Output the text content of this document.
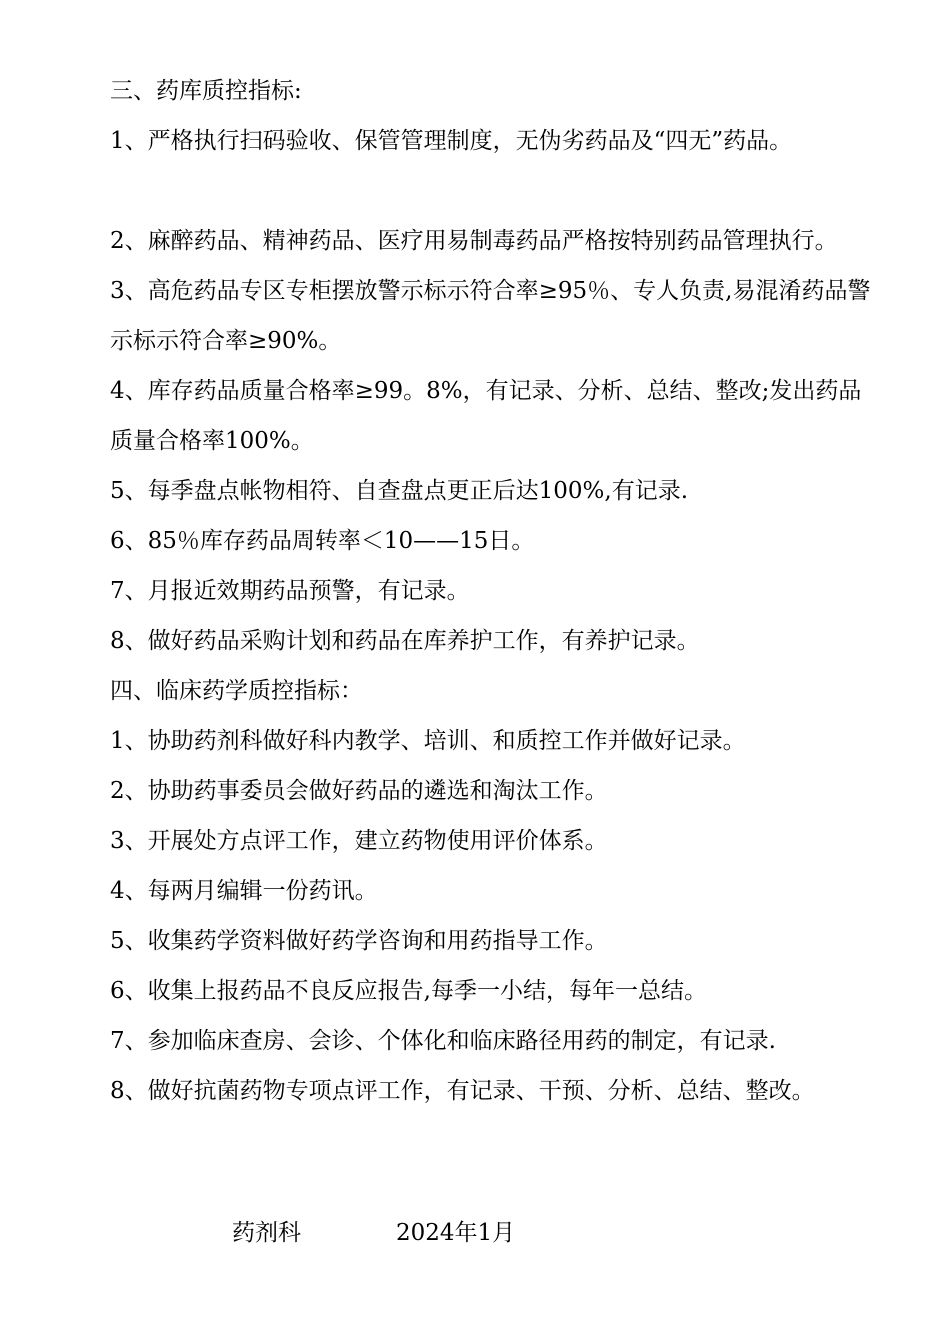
三、药库质控指标:
1、严格执行扫码验收、保管管理制度，无伪劣药品及“四无”药品。
2、麻醉药品、精神药品、医疗用易制毒药品严格按特别药品管理执行。
3、高危药品专区专柜摆放警示标示符合率≥95％、专人负责,易混淆药品警示标示符合率≥90%。
4、库存药品质量合格率≥99。8%，有记录、分析、总结、整改;发出药品质量合格率100%。
5、每季盘点帐物相符、自查盘点更正后达100%,有记录.
6、85％库存药品周转率＜10——15日。
7、月报近效期药品预警，有记录。
8、做好药品采购计划和药品在库养护工作，有养护记录。
四、临床药学质控指标：
1、协助药剂科做好科内教学、培训、和质控工作并做好记录。
2、协助药事委员会做好药品的遴选和淘汰工作。
3、开展处方点评工作，建立药物使用评价体系。
4、每两月编辑一份药讯。
5、收集药学资料做好药学咨询和用药指导工作。
6、收集上报药品不良反应报告,每季一小结，每年一总结。
7、参加临床查房、会诊、个体化和临床路径用药的制定，有记录.
8、做好抗菌药物专项点评工作，有记录、干预、分析、总结、整改。
药剂科	2024年1月
